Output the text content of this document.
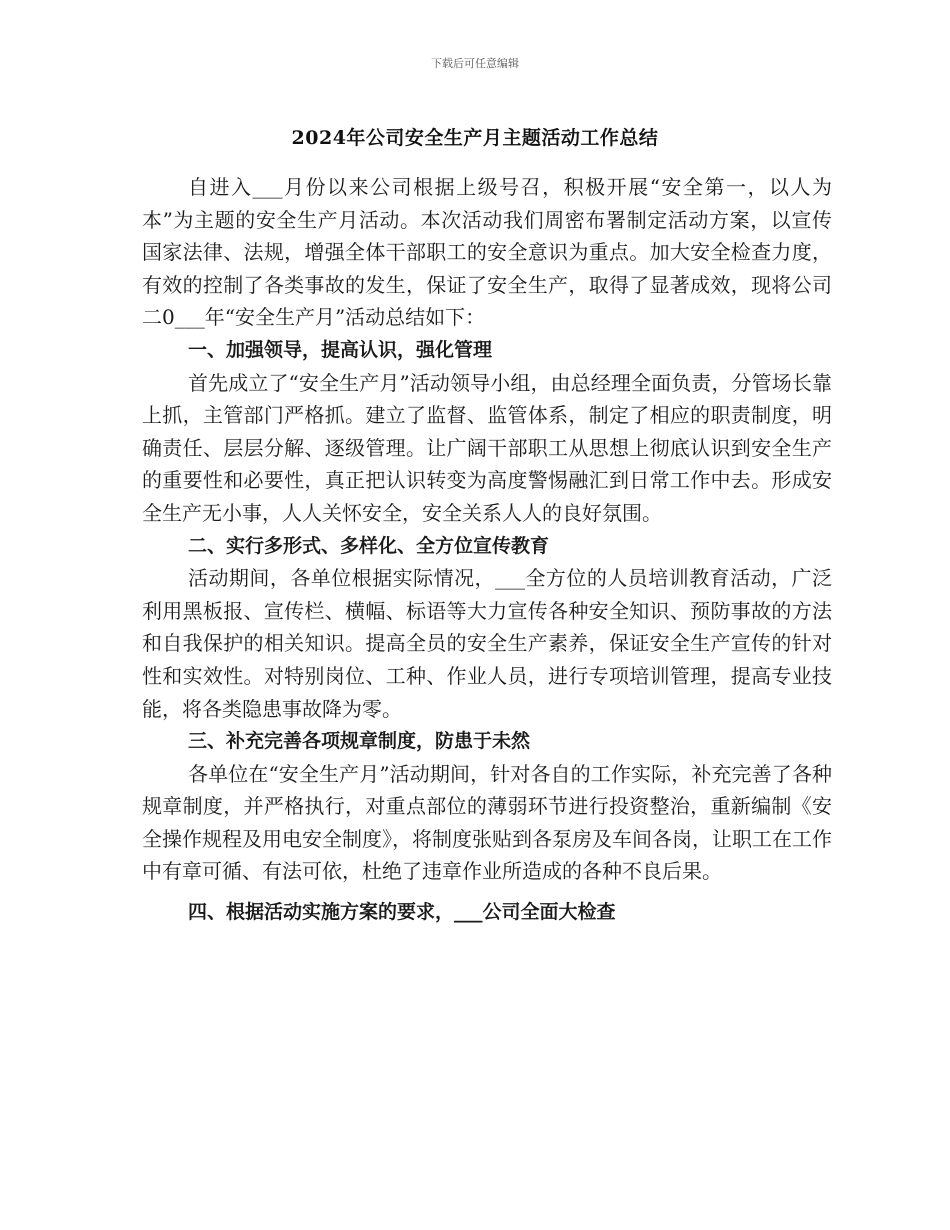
下载后可任意编辑
2024年公司安全生产月主题活动工作总结

自进入___月份以来公司根据上级号召，积极开展“安全第一，以人为本”为主题的安全生产月活动。本次活动我们周密布署制定活动方案，以宣传国家法律、法规，增强全体干部职工的安全意识为重点。加大安全检查力度，有效的控制了各类事故的发生，保证了安全生产，取得了显著成效，现将公司二0___年“安全生产月”活动总结如下：

一、加强领导，提高认识，强化管理

首先成立了“安全生产月”活动领导小组，由总经理全面负责，分管场长靠上抓，主管部门严格抓。建立了监督、监管体系，制定了相应的职责制度，明确责任、层层分解、逐级管理。让广阔干部职工从思想上彻底认识到安全生产的重要性和必要性，真正把认识转变为高度警惕融汇到日常工作中去。形成安全生产无小事，人人关怀安全，安全关系人人的良好氛围。

二、实行多形式、多样化、全方位宣传教育

活动期间，各单位根据实际情况，___全方位的人员培训教育活动，广泛利用黑板报、宣传栏、横幅、标语等大力宣传各种安全知识、预防事故的方法和自我保护的相关知识。提高全员的安全生产素养，保证安全生产宣传的针对性和实效性。对特别岗位、工种、作业人员，进行专项培训管理，提高专业技能，将各类隐患事故降为零。

三、补充完善各项规章制度，防患于未然

各单位在“安全生产月”活动期间，针对各自的工作实际，补充完善了各种规章制度，并严格执行，对重点部位的薄弱环节进行投资整治，重新编制《安全操作规程及用电安全制度》，将制度张贴到各泵房及车间各岗，让职工在工作中有章可循、有法可依，杜绝了违章作业所造成的各种不良后果。

四、根据活动实施方案的要求，___公司全面大检查
